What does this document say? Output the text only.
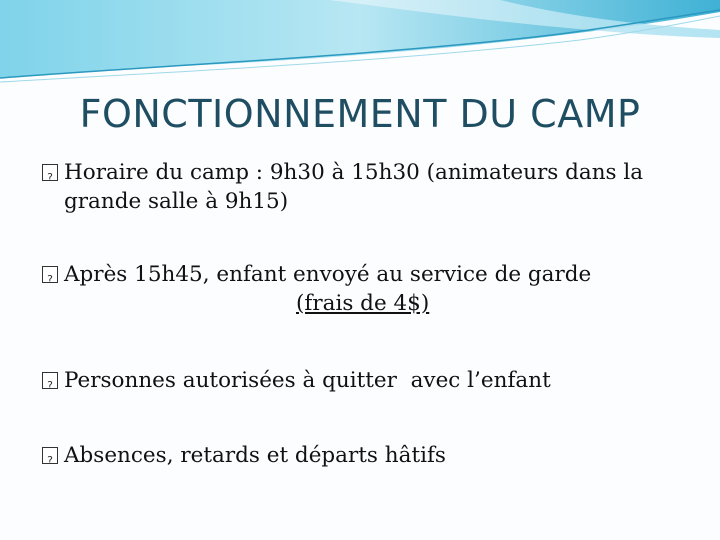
FONCTIONNEMENT DU CAMP

?
Horaire du camp : 9h30 à 15h30 (animateurs dans la
grande salle à 9h15)

?
Après 15h45, enfant envoyé au service de garde
(frais de 4$)

?
Personnes autorisées à quitter  avec l’enfant

?
Absences, retards et départs hâtifs
